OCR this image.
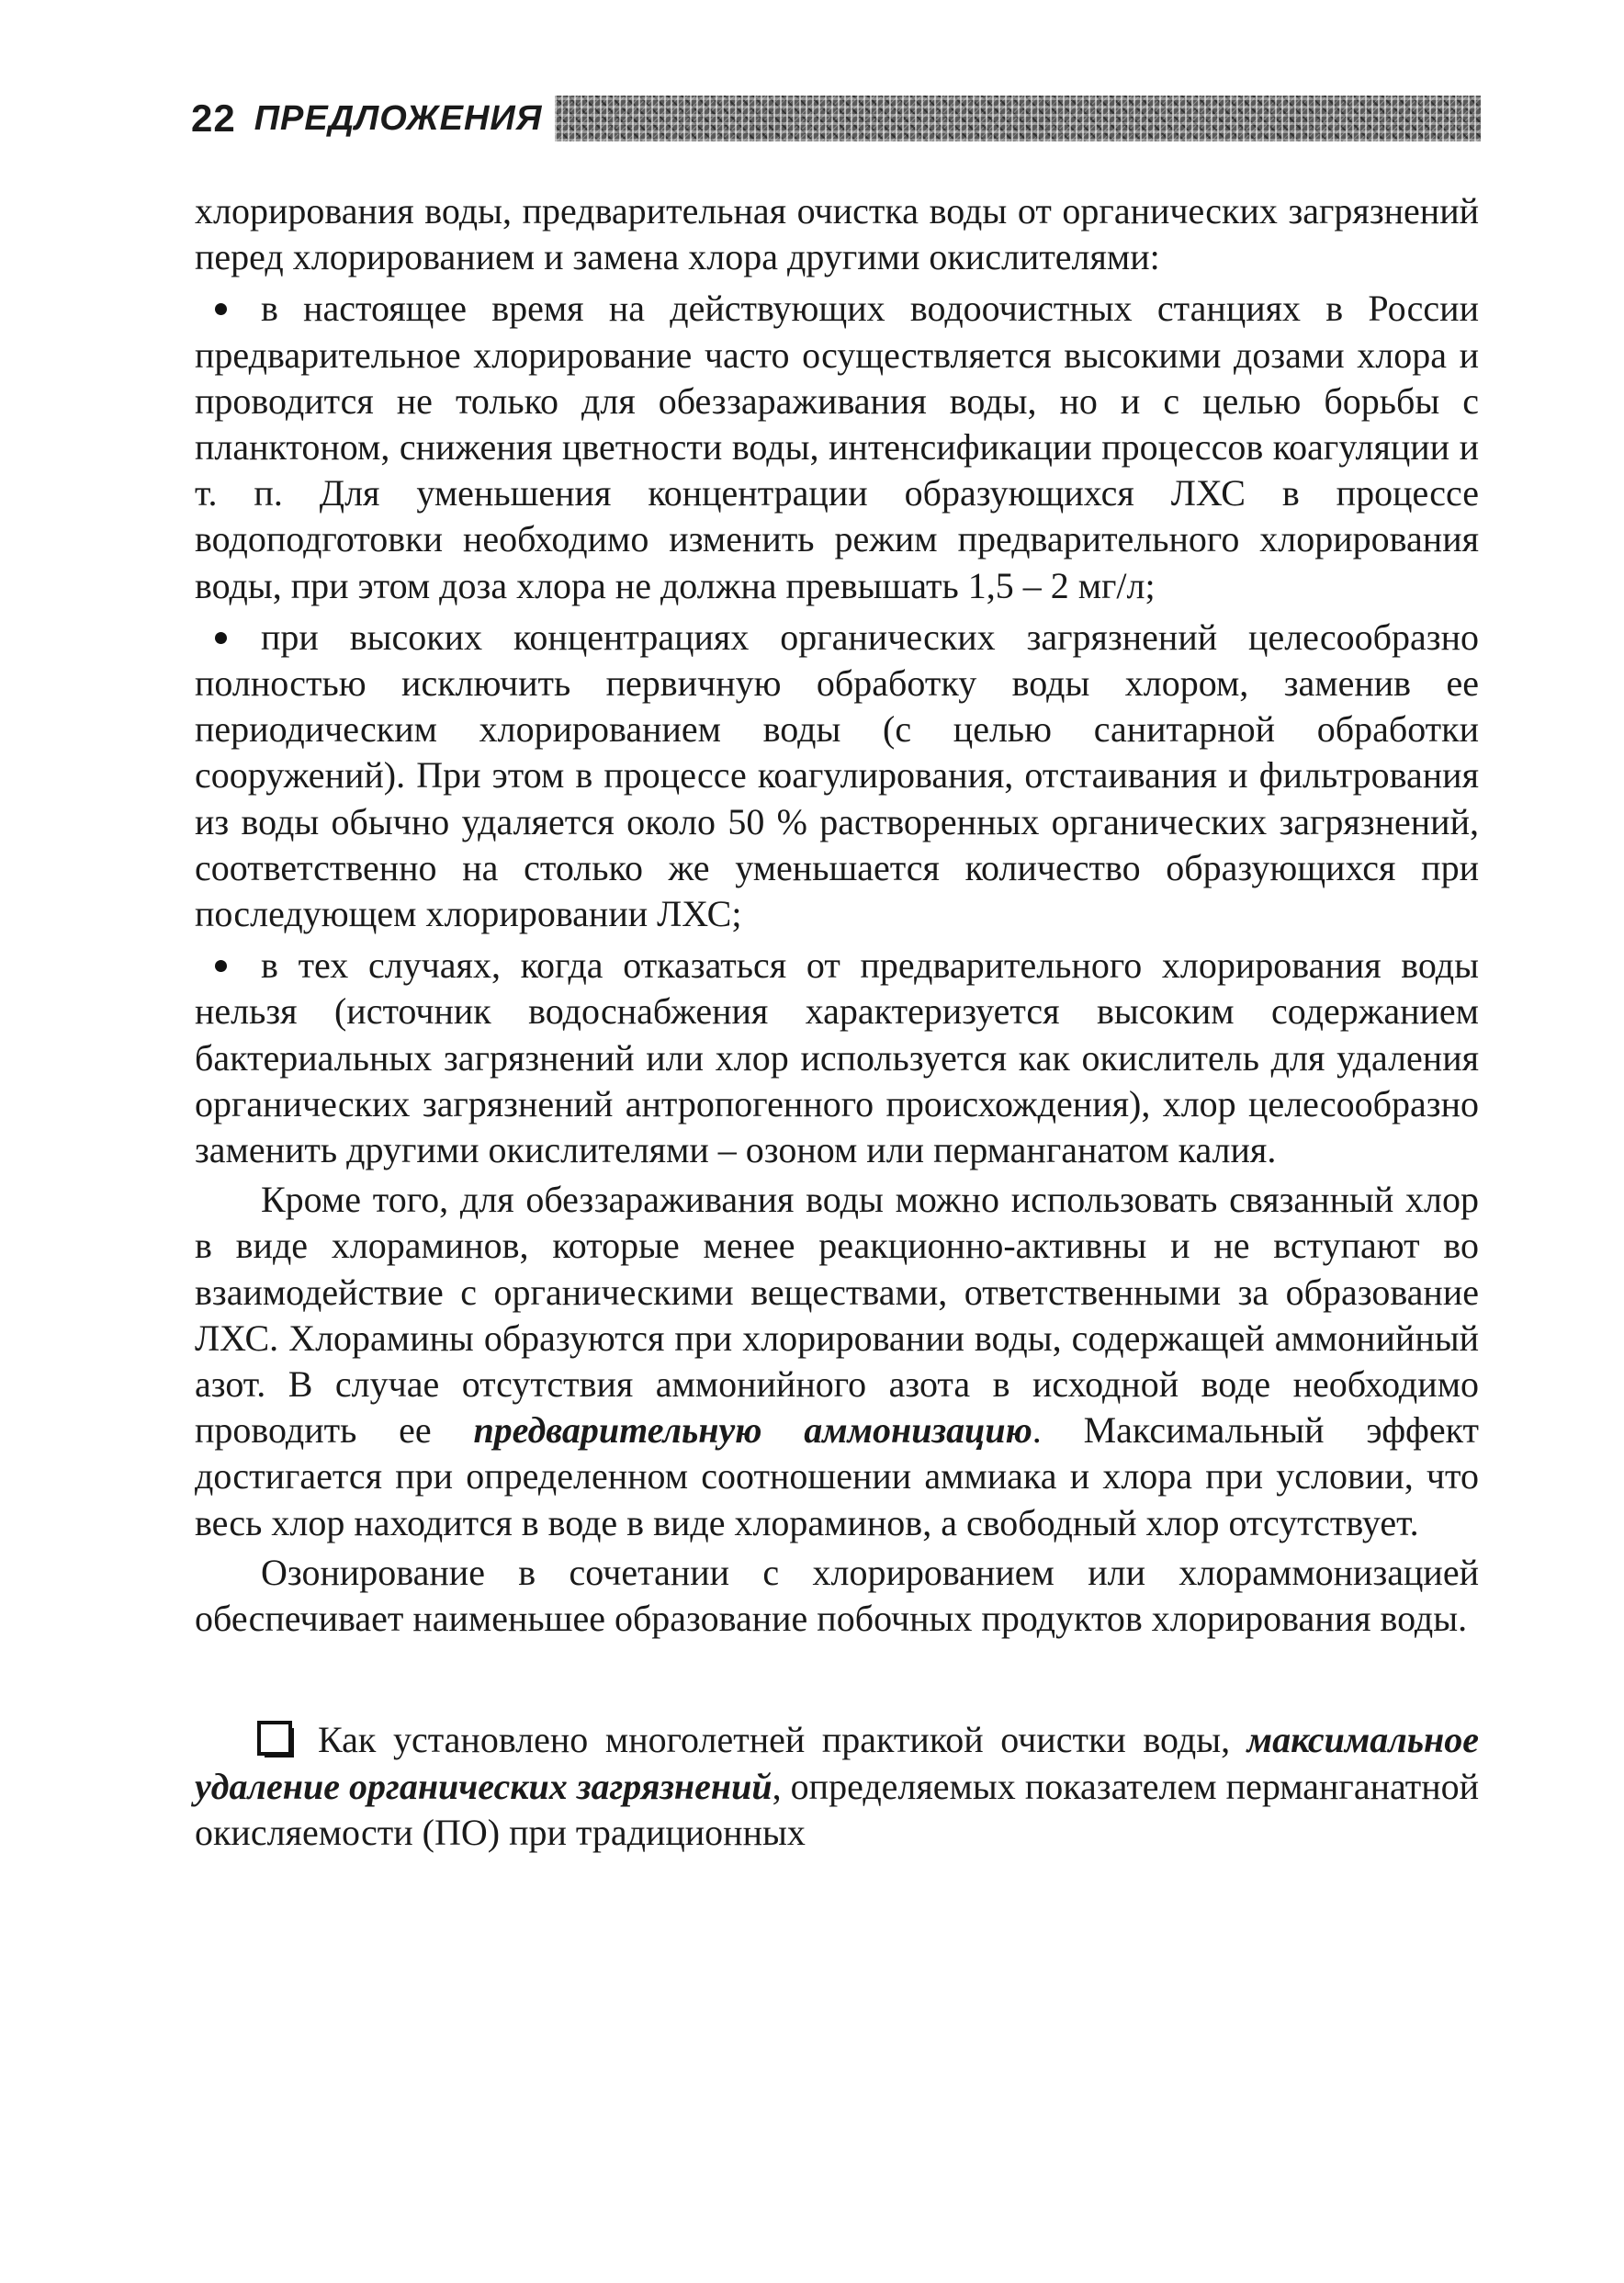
22 ПРЕДЛОЖЕНИЯ

хлорирования воды, предварительная очистка воды от органических загрязнений перед хлорированием и замена хлора другими окислителями:

в настоящее время на действующих водоочистных станциях в России предварительное хлорирование часто осуществляется высокими дозами хлора и проводится не только для обеззараживания воды, но и с целью борьбы с планктоном, снижения цветности воды, интенсификации процессов коагуляции и т. п. Для уменьшения концентрации образующихся ЛХС в процессе водоподготовки необходимо изменить режим предварительного хлорирования воды, при этом доза хлора не должна превышать 1,5 – 2 мг/л;

при высоких концентрациях органических загрязнений целесообразно полностью исключить первичную обработку воды хлором, заменив ее периодическим хлорированием воды (с целью санитарной обработки сооружений). При этом в процессе коагулирования, отстаивания и фильтрования из воды обычно удаляется около 50 % растворенных органических загрязнений, соответственно на столько же уменьшается количество образующихся при последующем хлорировании ЛХС;

в тех случаях, когда отказаться от предварительного хлорирования воды нельзя (источник водоснабжения характеризуется высоким содержанием бактериальных загрязнений или хлор используется как окислитель для удаления органических загрязнений антропогенного происхождения), хлор целесообразно заменить другими окислителями – озоном или перманганатом калия.

Кроме того, для обеззараживания воды можно использовать связанный хлор в виде хлораминов, которые менее реакционно-активны и не вступают во взаимодействие с органическими веществами, ответственными за образование ЛХС. Хлорамины образуются при хлорировании воды, содержащей аммонийный азот. В случае отсутствия аммонийного азота в исходной воде необходимо проводить ее предварительную аммонизацию. Максимальный эффект достигается при определенном соотношении аммиака и хлора при условии, что весь хлор находится в воде в виде хлораминов, а свободный хлор отсутствует.

Озонирование в сочетании с хлорированием или хлораммонизацией обеспечивает наименьшее образование побочных продуктов хлорирования воды.

Как установлено многолетней практикой очистки воды, максимальное удаление органических загрязнений, определяемых показателем перманганатной окисляемости (ПО) при традиционных
